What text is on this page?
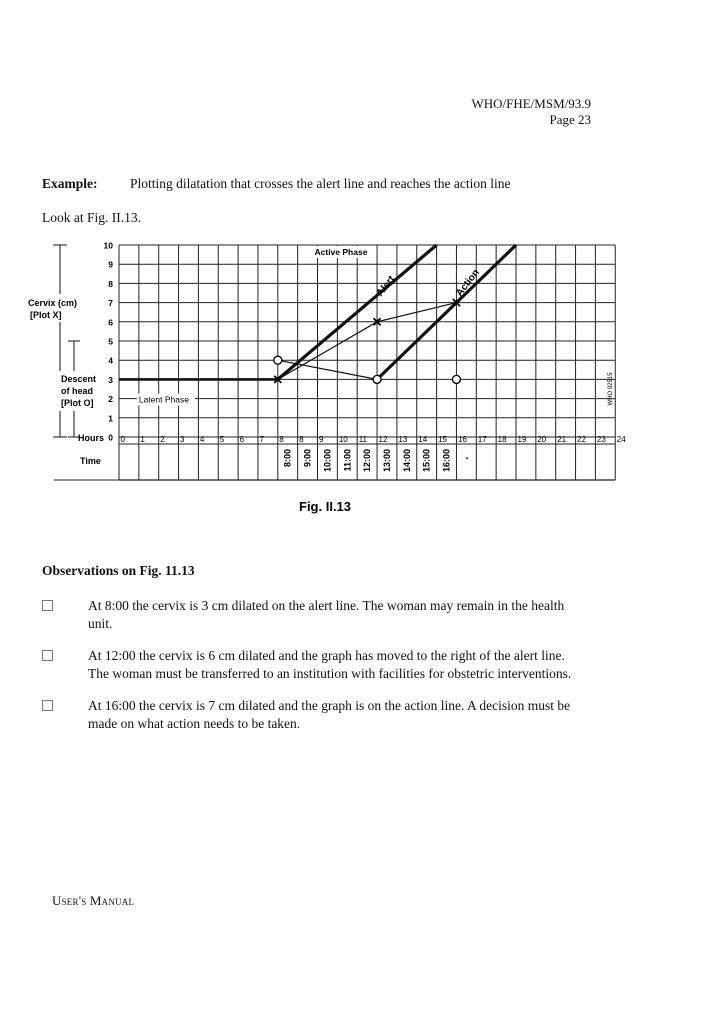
WHO/FHE/MSM/93.9
Page 23
Example: Plotting dilatation that crosses the alert line and reaches the action line
Look at Fig. II.13.
Cervix (cm)
[Plot X]
Descent
of head
[Plot O]
Hours
Time
0
1
2
3
4
5
6
7
8
9
10
0 1 2 3 4 5 6 7 8 8 9 10 11 12 13 14 15 16 17 18 19 20 21 22 23 24
8:00 9:00 10:00 11:00 12:00 13:00 14:00 15:00 16:00
Active Phase
Latent Phase
Alert	Action
.
Fig. II.13
WHO 92515
Observations on Fig. 11.13
At 8:00 the cervix is 3 cm dilated on the alert line. The woman may remain in the health
unit.
At 12:00 the cervix is 6 cm dilated and the graph has moved to the right of the alert line.
The woman must be transferred to an institution with facilities for obstetric interventions.
At 16:00 the cervix is 7 cm dilated and the graph is on the action line. A decision must be
made on what action needs to be taken.
User's Manual
